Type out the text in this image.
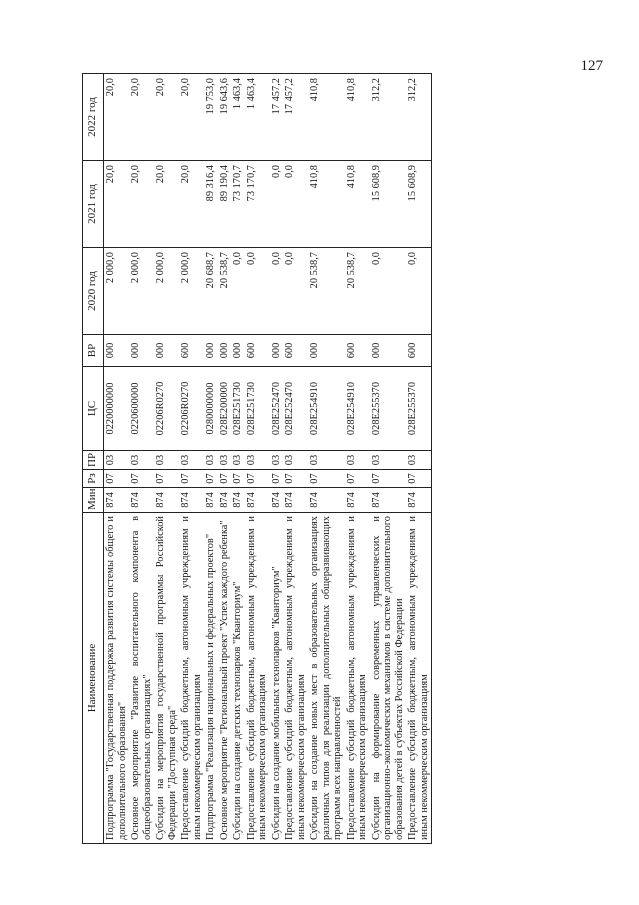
127
Наименование	Мин	Рз	ПР	ЦС	ВР	2020 год	2021 год	2022 год
Подпрограмма "Государственная поддержка развития системы общего и дополнительного образования"	874	07	03	0220000000	000	2 000,0	20,0	20,0
Основное мероприятие "Развитие воспитательного компонента в общеобразовательных организациях"	874	07	03	0220600000	000	2 000,0	20,0	20,0
Субсидии на мероприятия государственной программы Российской Федерации "Доступная среда"	874	07	03	02206R0270	000	2 000,0	20,0	20,0
Предоставление субсидий бюджетным, автономным учреждениям и иным некоммерческим организациям	874	07	03	02206R0270	600	2 000,0	20,0	20,0
Подпрограмма "Реализация национальных и федеральных проектов"	874	07	03	0280000000	000	20 688,7	89 316,4	19 753,0
Основное мероприятие "Региональный проект "Успех каждого ребенка"	874	07	03	028E200000	000	20 538,7	89 190,4	19 643,6
Субсидии на создание детских технопарков "Кванториум"	874	07	03	028E251730	000	0,0	73 170,7	1 463,4
Предоставление субсидий бюджетным, автономным учреждениям и иным некоммерческим организациям	874	07	03	028E251730	600	0,0	73 170,7	1 463,4
Субсидии на создание мобильных технопарков "Кванториум"	874	07	03	028E252470	000	0,0	0,0	17 457,2
Предоставление субсидий бюджетным, автономным учреждениям и иным некоммерческим организациям	874	07	03	028E252470	600	0,0	0,0	17 457,2
Субсидии на создание новых мест в образовательных организациях различных типов для реализации дополнительных общеразвивающих программ всех направленностей	874	07	03	028E254910	000	20 538,7	410,8	410,8
Предоставление субсидий бюджетным, автономным учреждениям и иным некоммерческим организациям	874	07	03	028E254910	600	20 538,7	410,8	410,8
Субсидии на формирование современных управленческих и организационно-экономических механизмов в системе дополнительного образования детей в субъектах Российской Федерации	874	07	03	028E255370	000	0,0	15 608,9	312,2
Предоставление субсидий бюджетным, автономным учреждениям и иным некоммерческим организациям	874	07	03	028E255370	600	0,0	15 608,9	312,2
